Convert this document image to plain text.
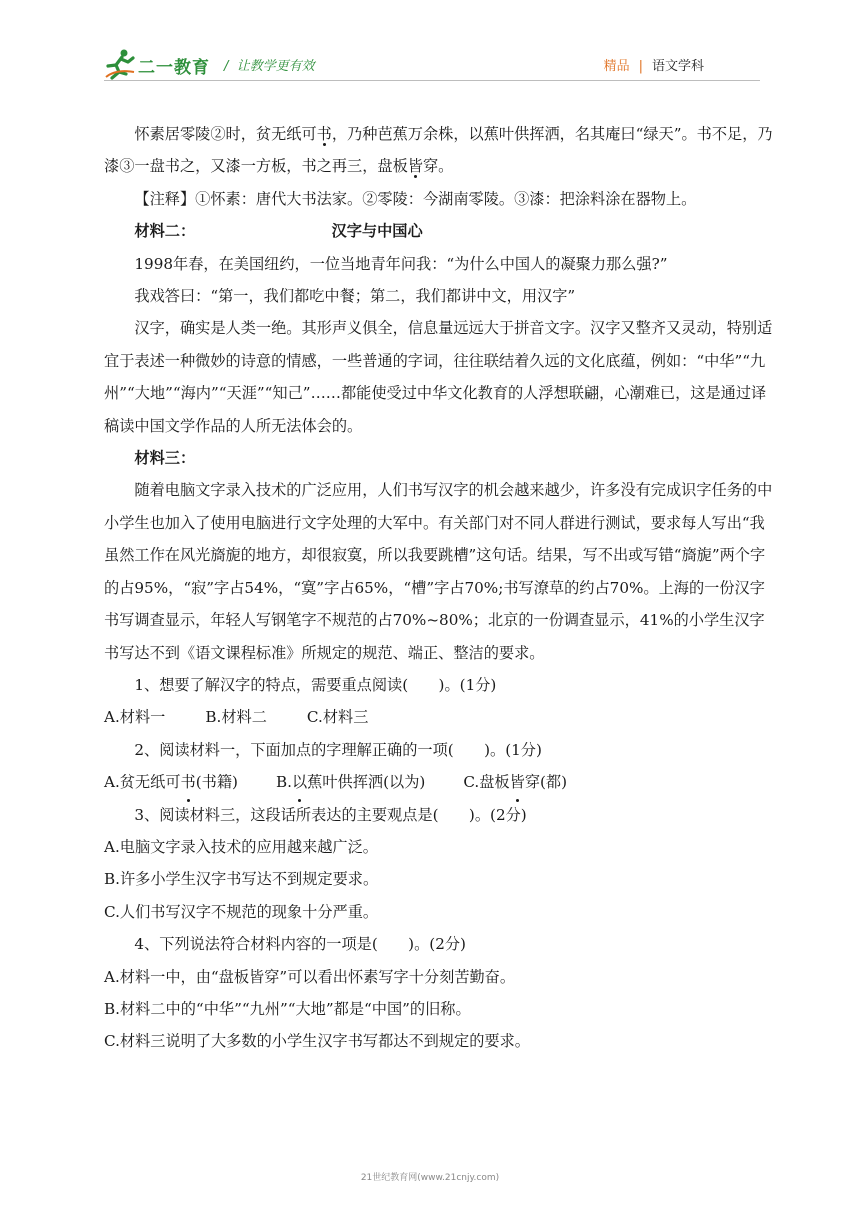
二一教育 /  让教学更有效	精品 | 语文学科

怀素居零陵②时，贫无纸可书，乃种芭蕉万余株，以蕉叶供挥洒，名其庵曰“绿天”。书不足，乃漆③一盘书之，又漆一方板，书之再三，盘板皆穿。

【注释】①怀素：唐代大书法家。②零陵：今湖南零陵。③漆：把涂料涂在器物上。

材料二：	汉字与中国心

1998年春，在美国纽约，一位当地青年问我：“为什么中国人的凝聚力那么强?”

我戏答曰：“第一，我们都吃中餐；第二，我们都讲中文，用汉字”

汉字，确实是人类一绝。其形声义俱全，信息量远远大于拼音文字。汉字又整齐又灵动，特别适宜于表述一种微妙的诗意的情感，一些普通的字词，往往联结着久远的文化底蕴，例如：“中华”“九州”“大地”“海内”“天涯”“知己”……都能使受过中华文化教育的人浮想联翩，心潮难已，这是通过译稿读中国文学作品的人所无法体会的。

材料三：

随着电脑文字录入技术的广泛应用，人们书写汉字的机会越来越少，许多没有完成识字任务的中小学生也加入了使用电脑进行文字处理的大军中。有关部门对不同人群进行测试，要求每人写出“我虽然工作在风光旖旎的地方，却很寂寞，所以我要跳槽”这句话。结果，写不出或写错“旖旎”两个字的占95%，“寂”字占54%，“寞”字占65%，“槽”字占70%;书写潦草的约占70%。上海的一份汉字书写调查显示，年轻人写钢笔字不规范的占70%~80%；北京的一份调查显示，41%的小学生汉字书写达不到《语文课程标准》所规定的规范、端正、整洁的要求。

1、想要了解汉字的特点，需要重点阅读(　　)。(1分)

A.材料一	B.材料二	C.材料三

2、阅读材料一，下面加点的字理解正确的一项(　　)。(1分)

A.贫无纸可书(书籍)	B.以蕉叶供挥洒(以为)	C.盘板皆穿(都)

3、阅读材料三，这段话所表达的主要观点是(　　)。(2分)

A.电脑文字录入技术的应用越来越广泛。

B.许多小学生汉字书写达不到规定要求。

C.人们书写汉字不规范的现象十分严重。

4、下列说法符合材料内容的一项是(　　)。(2分)

A.材料一中，由“盘板皆穿”可以看出怀素写字十分刻苦勤奋。

B.材料二中的“中华”“九州”“大地”都是“中国”的旧称。

C.材料三说明了大多数的小学生汉字书写都达不到规定的要求。

21世纪教育网(www.21cnjy.com)
